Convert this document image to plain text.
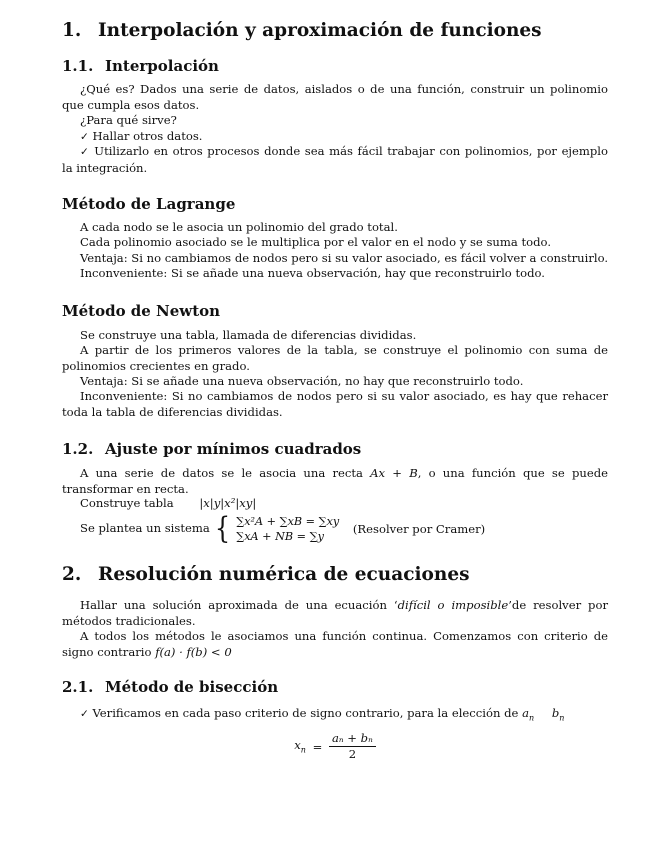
1. Interpolación y aproximación de funciones
1.1. Interpolación

¿Qué es? Dados una serie de datos, aislados o de una función, construir un polinomio que cumpla esos datos.

¿Para qué sirve?

✓ Hallar otros datos.

✓ Utilizarlo en otros procesos donde sea más fácil trabajar con polinomios, por ejemplo la integración.

Método de Lagrange

A cada nodo se le asocia un polinomio del grado total.

Cada polinomio asociado se le multiplica por el valor en el nodo y se suma todo.

Ventaja: Si no cambiamos de nodos pero si su valor asociado, es fácil volver a construirlo.

Inconveniente: Si se añade una nueva observación, hay que reconstruirlo todo.

Método de Newton

Se construye una tabla, llamada de diferencias divididas.

A partir de los primeros valores de la tabla, se construye el polinomio con suma de polinomios crecientes en grado.

Ventaja: Si se añade una nueva observación, no hay que reconstruirlo todo.

Inconveniente: Si no cambiamos de nodos pero si su valor asociado, es hay que rehacer toda la tabla de diferencias divididas.

1.2. Ajuste por mínimos cuadrados

A una serie de datos se le asocia una recta Ax + B, o una función que se puede transformar en recta.

Construye tabla |x|y|x²|xy|
Se plantea un sistema { ∑x²A + ∑xB = ∑xy
∑xA + NB = ∑y
(Resolver por Cramer)
2. Resolución numérica de ecuaciones

Hallar una solución aproximada de una ecuación ‘difícil o imposible’de resolver por métodos tradicionales.

A todos los métodos le asociamos una función continua. Comenzamos con criterio de signo contrario f(a) · f(b) < 0

2.1. Método de bisección

✓ Verificamos en cada paso criterio de signo contrario, para la elección de $a_n$ $b_n$

$x_n = \frac{\text{aₙ + bₙ}}{2}$
